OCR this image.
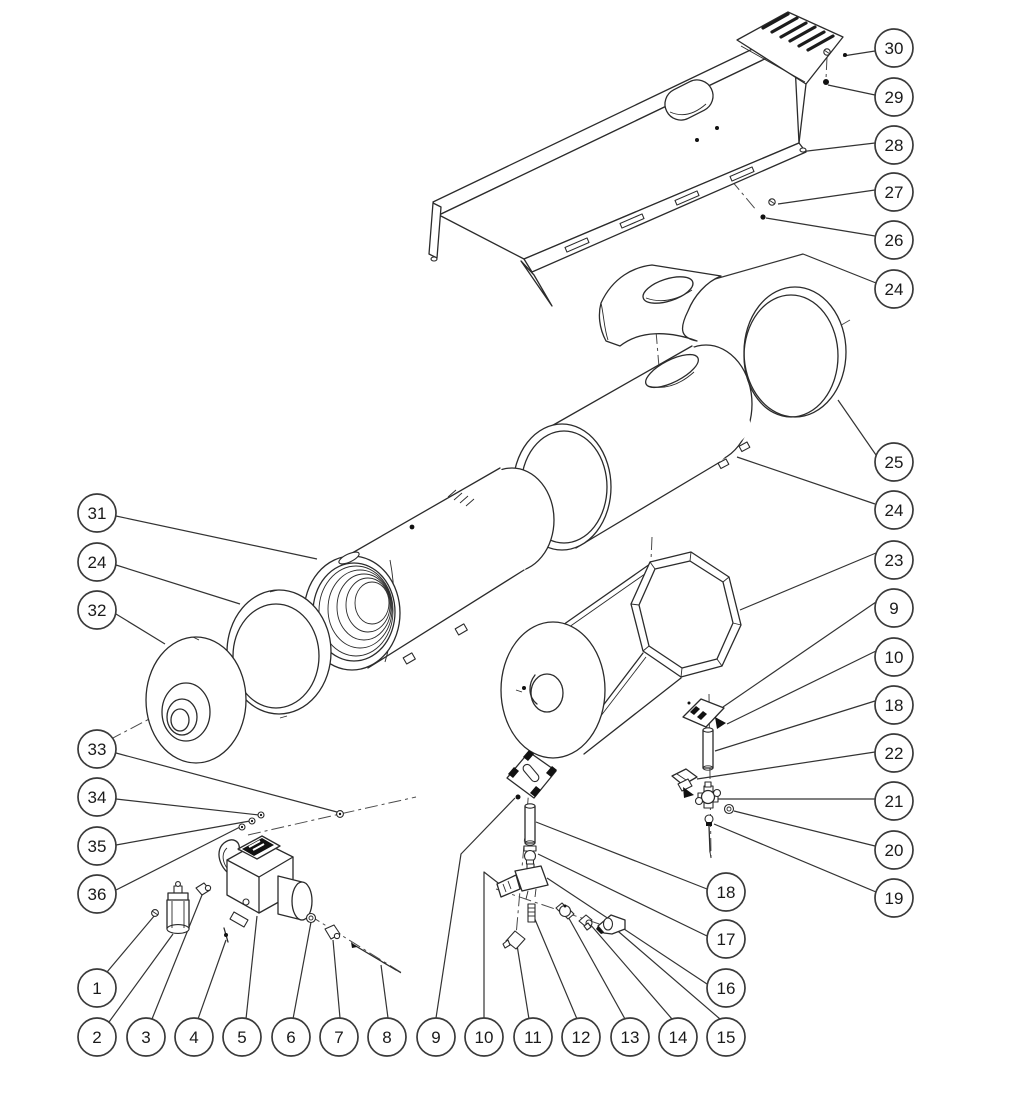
30
29
28
27
26
24
25
24
23
9
10
18
22
21
20
19
31
24
32
33
34
35
36
1
2 3 4 5 6 7 8 9 10 11 12 13 14 15
18
17
16
